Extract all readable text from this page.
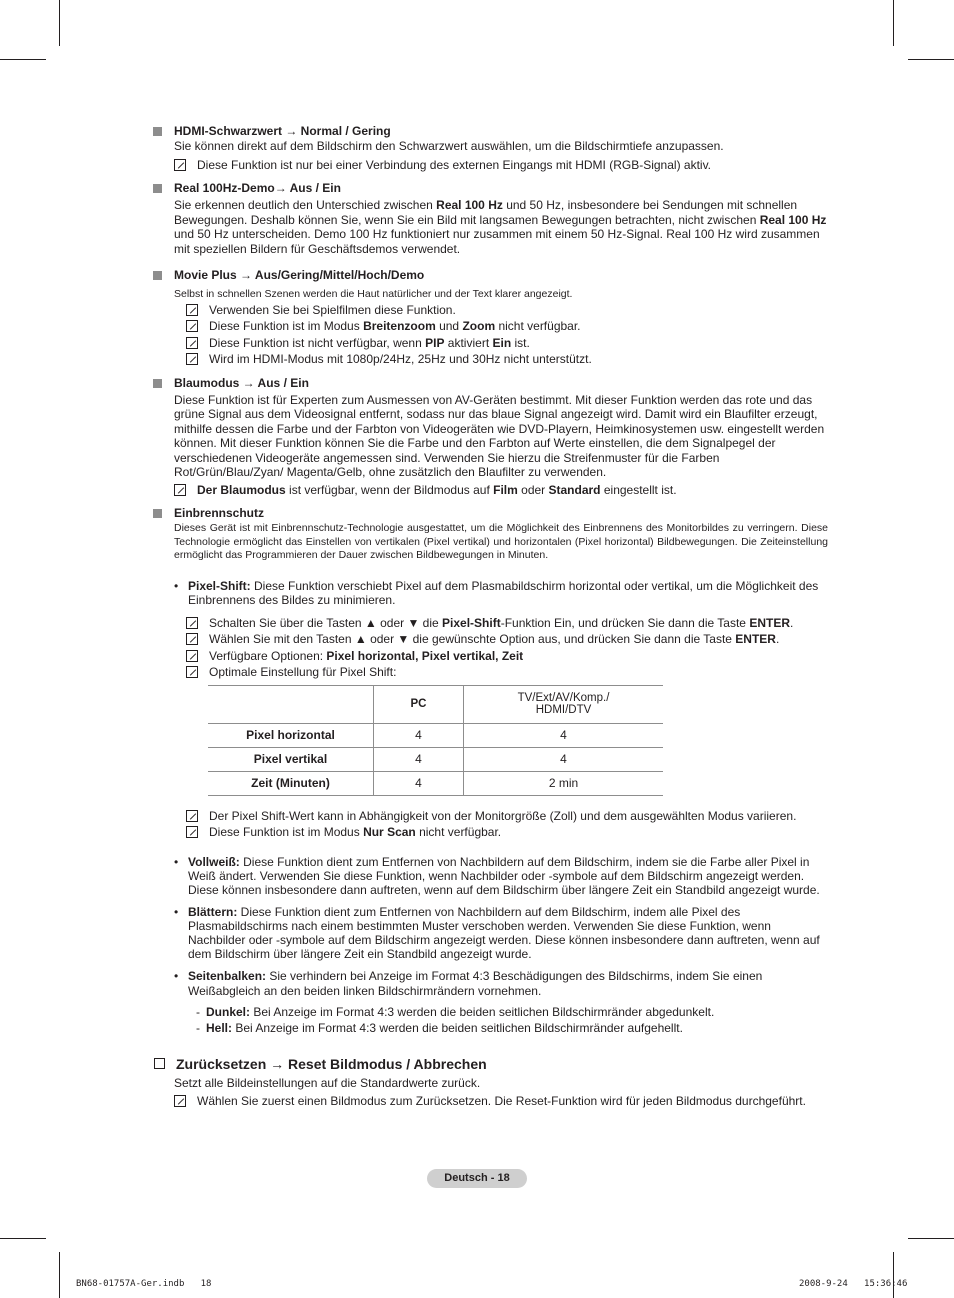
HDMI-Schwarzwert → Normal / Gering
Sie können direkt auf dem Bildschirm den Schwarzwert auswählen, um die Bildschirmtiefe anzupassen.
Diese Funktion ist nur bei einer Verbindung des externen Eingangs mit HDMI (RGB-Signal) aktiv.
Real 100Hz-Demo→ Aus / Ein
Sie erkennen deutlich den Unterschied zwischen Real 100 Hz und 50 Hz, insbesondere bei Sendungen mit schnellen Bewegungen. Deshalb können Sie, wenn Sie ein Bild mit langsamen Bewegungen betrachten, nicht zwischen Real 100 Hz und 50 Hz unterscheiden. Demo 100 Hz funktioniert nur zusammen mit einem 50 Hz-Signal. Real 100 Hz wird zusammen mit speziellen Bildern für Geschäftsdemos verwendet.
Movie Plus → Aus/Gering/Mittel/Hoch/Demo
Selbst in schnellen Szenen werden die Haut natürlicher und der Text klarer angezeigt.
Verwenden Sie bei Spielfilmen diese Funktion.
Diese Funktion ist im Modus Breitenzoom und Zoom nicht verfügbar.
Diese Funktion ist nicht verfügbar, wenn PIP aktiviert Ein ist.
Wird im HDMI-Modus mit 1080p/24Hz, 25Hz und 30Hz nicht unterstützt.
Blaumodus → Aus / Ein
Diese Funktion ist für Experten zum Ausmessen von AV-Geräten bestimmt. Mit dieser Funktion werden das rote und das grüne Signal aus dem Videosignal entfernt, sodass nur das blaue Signal angezeigt wird. Damit wird ein Blaufilter erzeugt, mithilfe dessen die Farbe und der Farbton von Videogeräten wie DVD-Playern, Heimkinosystemen usw. eingestellt werden können. Mit dieser Funktion können Sie die Farbe und den Farbton auf Werte einstellen, die dem Signalpegel der verschiedenen Videogeräte angemessen sind. Verwenden Sie hierzu die Streifenmuster für die Farben Rot/Grün/Blau/Zyan/ Magenta/Gelb, ohne zusätzlich den Blaufilter zu verwenden.
Der Blaumodus ist verfügbar, wenn der Bildmodus auf Film oder Standard eingestellt ist.
Einbrennschutz
Dieses Gerät ist mit Einbrennschutz-Technologie ausgestattet, um die Möglichkeit des Einbrennens des Monitorbildes zu verringern. Diese Technologie ermöglicht das Einstellen von vertikalen (Pixel vertikal) und horizontalen (Pixel horizontal) Bildbewegungen. Die Zeiteinstellung ermöglicht das Programmieren der Dauer zwischen Bildbewegungen in Minuten.
• Pixel-Shift: Diese Funktion verschiebt Pixel auf dem Plasmabildschirm horizontal oder vertikal, um die Möglichkeit des Einbrennens des Bildes zu minimieren.
Schalten Sie über die Tasten ▲ oder ▼ die Pixel-Shift-Funktion Ein, und drücken Sie dann die Taste ENTER.
Wählen Sie mit den Tasten ▲ oder ▼ die gewünschte Option aus, und drücken Sie dann die Taste ENTER.
Verfügbare Optionen: Pixel horizontal, Pixel vertikal, Zeit
Optimale Einstellung für Pixel Shift:
	PC	TV/Ext/AV/Komp./
HDMI/DTV
Pixel horizontal	4	4
Pixel vertikal	4	4
Zeit (Minuten)	4	2 min
Der Pixel Shift-Wert kann in Abhängigkeit von der Monitorgröße (Zoll) und dem ausgewählten Modus variieren.
Diese Funktion ist im Modus Nur Scan nicht verfügbar.
• Vollweiß: Diese Funktion dient zum Entfernen von Nachbildern auf dem Bildschirm, indem sie die Farbe aller Pixel in Weiß ändert. Verwenden Sie diese Funktion, wenn Nachbilder oder -symbole auf dem Bildschirm angezeigt werden. Diese können insbesondere dann auftreten, wenn auf dem Bildschirm über längere Zeit ein Standbild angezeigt wurde.
• Blättern: Diese Funktion dient zum Entfernen von Nachbildern auf dem Bildschirm, indem alle Pixel des Plasmabildschirms nach einem bestimmten Muster verschoben werden. Verwenden Sie diese Funktion, wenn Nachbilder oder -symbole auf dem Bildschirm angezeigt werden. Diese können insbesondere dann auftreten, wenn auf dem Bildschirm über längere Zeit ein Standbild angezeigt wurde.
• Seitenbalken: Sie verhindern bei Anzeige im Format 4:3 Beschädigungen des Bildschirms, indem Sie einen Weißabgleich an den beiden linken Bildschirmrändern vornehmen.
- Dunkel: Bei Anzeige im Format 4:3 werden die beiden seitlichen Bildschirmränder abgedunkelt.
- Hell: Bei Anzeige im Format 4:3 werden die beiden seitlichen Bildschirmränder aufgehellt.
Zurücksetzen → Reset Bildmodus / Abbrechen
Setzt alle Bildeinstellungen auf die Standardwerte zurück.
Wählen Sie zuerst einen Bildmodus zum Zurücksetzen. Die Reset-Funktion wird für jeden Bildmodus durchgeführt.
Deutsch - 18
BN68-01757A-Ger.indb   18	2008-9-24   15:36:46
